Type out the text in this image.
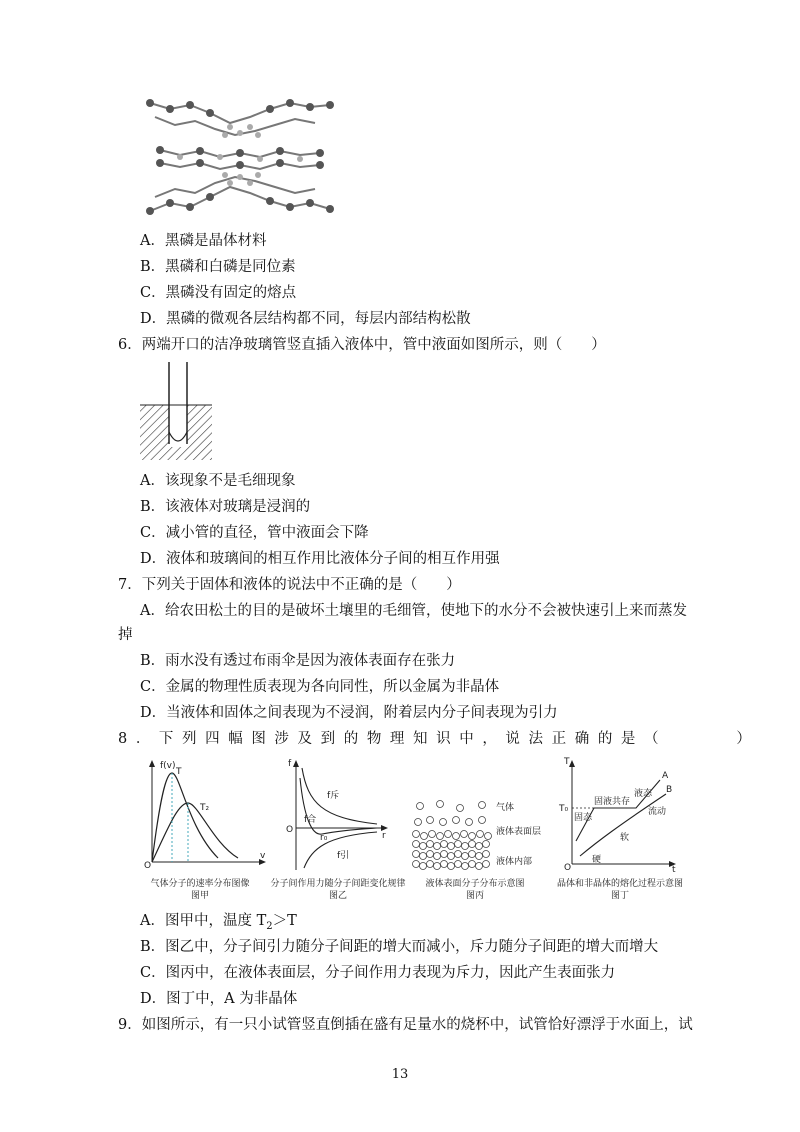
A．黑磷是晶体材料
B．黑磷和白磷是同位素
C．黑磷没有固定的熔点
D．黑磷的微观各层结构都不同，每层内部结构松散
6．两端开口的洁净玻璃管竖直插入液体中，管中液面如图所示，则（　　）
A．该现象不是毛细现象
B．该液体对玻璃是浸润的
C．减小管的直径，管中液面会下降
D．液体和玻璃间的相互作用比液体分子间的相互作用强
7．下列关于固体和液体的说法中不正确的是（　　）
A．给农田松土的目的是破坏土壤里的毛细管，使地下的水分不会被快速引上来而蒸发
掉
B．雨水没有透过布雨伞是因为液体表面存在张力
C．金属的物理性质表现为各向同性，所以金属为非晶体
D．当液体和固体之间表现为不浸润，附着层内分子间表现为引力
8．下列四幅图涉及到的物理知识中，说法正确的是（　　　）
f(v)
v
O
T
T₂
气体分子的速率分布图像
图甲
f
r
O
f斥
f合
r₀
f引
分子间作用力随分子间距变化规律
图乙
气体
液体表面层
液体内部
液体表面分子分布示意图
图丙
T
t
O
T₀
A
B
液态
固液共存
固态
流动
软
硬
晶体和非晶体的熔化过程示意图
图丁
A．图甲中，温度 $T_2>T$
B．图乙中，分子间引力随分子间距的增大而减小，斥力随分子间距的增大而增大
C．图丙中，在液体表面层，分子间作用力表现为斥力，因此产生表面张力
D．图丁中，A 为非晶体
9．如图所示，有一只小试管竖直倒插在盛有足量水的烧杯中，试管恰好漂浮于水面上，试
13
